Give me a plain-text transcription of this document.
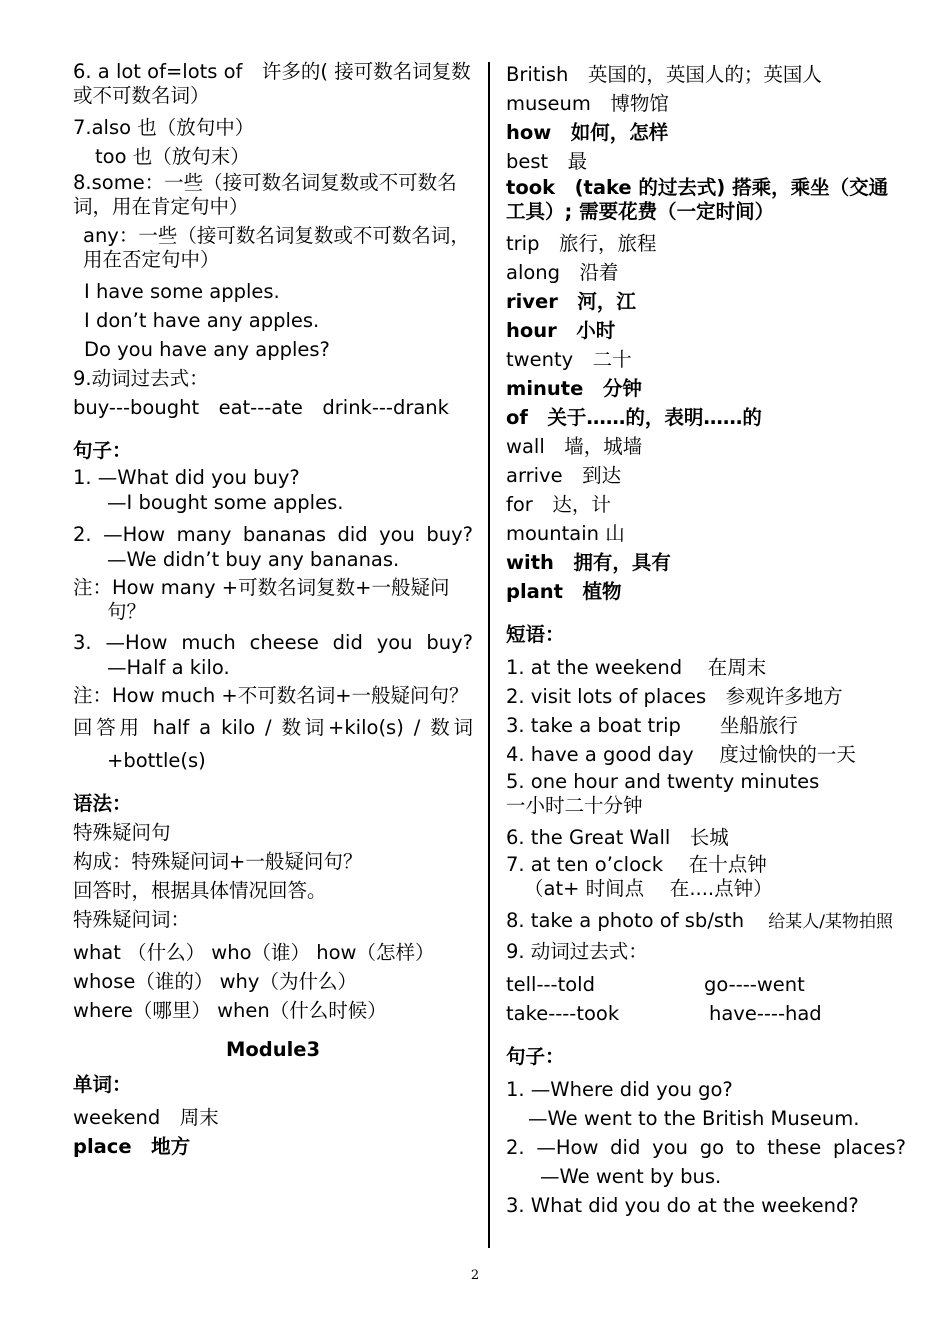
6. a lot of=lots of　许多的( 接可数名词复数或不可数名词）
7.also 也（放句中）
too 也（放句末）
8.some：一些（接可数名词复数或不可数名词，用在肯定句中）
any：一些（接可数名词复数或不可数名词，用在否定句中）
I have some apples.
I don’t have any apples.
Do you have any apples?
9.动词过去式：
buy---bought　eat---ate　drink---drank
句子：
1. —What did you buy?
—I bought some apples.
2. —How many bananas did you buy?
—We didn’t buy any bananas.
注：How many +可数名词复数+一般疑问句？
3. —How much cheese did you buy?
—Half a kilo.
注：How much +不可数名词+一般疑问句？
回答用 half a kilo / 数词+kilo(s) / 数词
+bottle(s)
语法：
特殊疑问句
构成：特殊疑问词+一般疑问句？
回答时，根据具体情况回答。
特殊疑问词：
what （什么） who（谁） how（怎样）
whose（谁的） why（为什么）
where（哪里） when（什么时候）
Module3
单词：
weekend　周末
place　地方
British　英国的，英国人的；英国人
museum　博物馆
how　如何，怎样
best　最
took　(take 的过去式) 搭乘，乘坐（交通工具）; 需要花费（一定时间）
trip　旅行，旅程
along　沿着
river　河，江
hour　小时
twenty　二十
minute　分钟
of　关于……的，表明……的
wall　墙，城墙
arrive　到达
for　达，计
mountain 山
with　拥有，具有
plant　植物
短语：
1. at the weekend　 在周末
2. visit lots of places　参观许多地方
3. take a boat trip　　坐船旅行
4. have a good day　 度过愉快的一天
5. one hour and twenty minutes
一小时二十分钟
6. the Great Wall　长城
7. at ten o’clock　 在十点钟
（at+ 时间点　 在....点钟）
8. take a photo of sb/sth 给某人/某物拍照
9. 动词过去式：
tell---told	go----went
take----took	have----had
句子：
1. —Where did you go?
—We went to the British Museum.
2. —How did you go to these places?
—We went by bus.
3. What did you do at the weekend?
2
